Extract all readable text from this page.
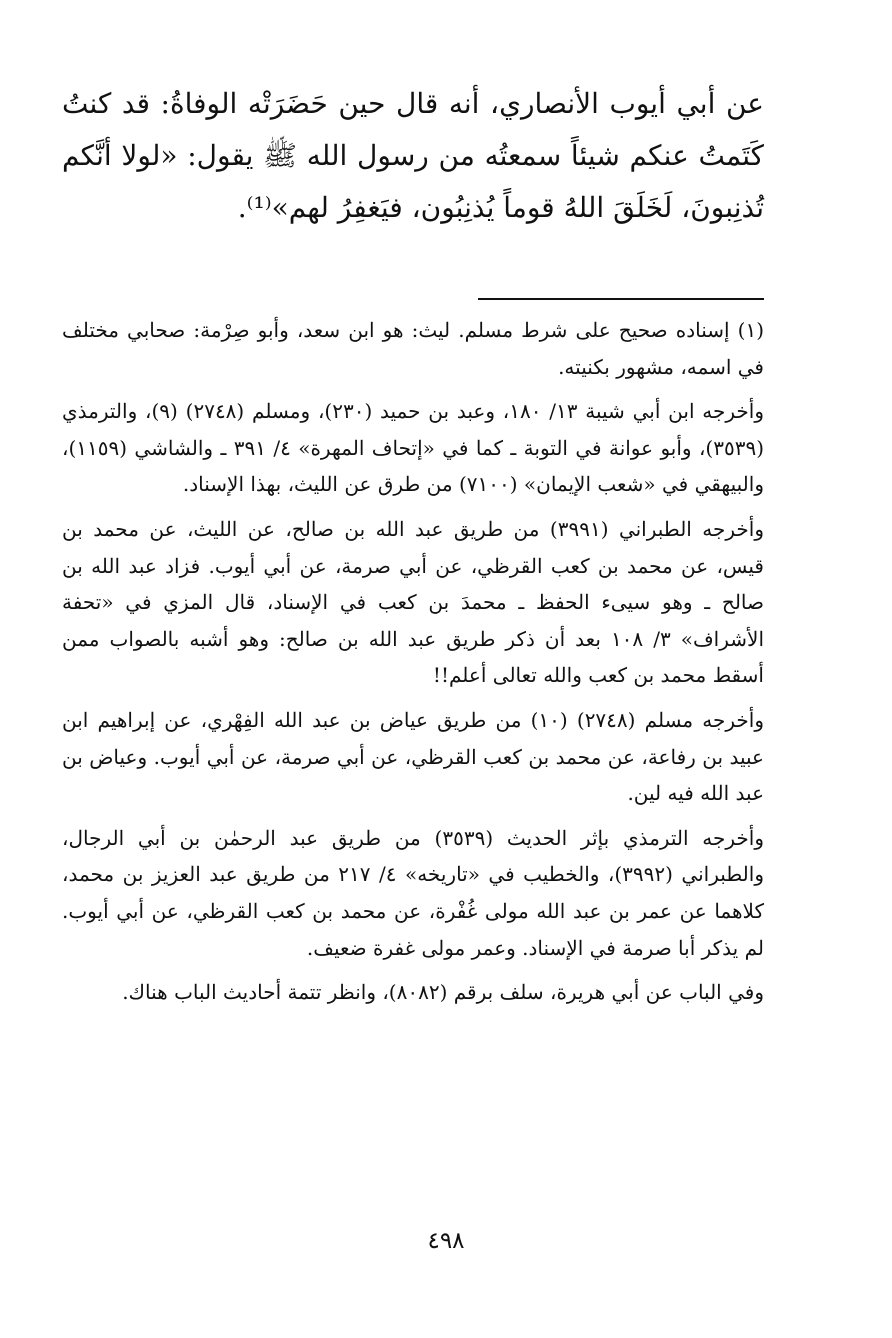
عن أبي أيوب الأنصاري، أنه قال حين حَضَرَتْه الوفاةُ: قد كنتُ كَتَمتُ عنكم شيئاً سمعتُه من رسول الله ﷺ يقول: «لولا أنَّكم تُذنِبونَ، لَخَلَقَ اللهُ قوماً يُذنِبُون، فيَغفِرُ لهم»⁽¹⁾.

(١) إسناده صحيح على شرط مسلم. ليث: هو ابن سعد، وأبو صِرْمة: صحابي مختلف في اسمه، مشهور بكنيته.

وأخرجه ابن أبي شيبة ١٣/ ١٨٠، وعبد بن حميد (٢٣٠)، ومسلم (٢٧٤٨) (٩)، والترمذي (٣٥٣٩)، وأبو عوانة في التوبة ـ كما في «إتحاف المهرة» ٤/ ٣٩١ ـ والشاشي (١١٥٩)، والبيهقي في «شعب الإيمان» (٧١٠٠) من طرق عن الليث، بهذا الإسناد.

وأخرجه الطبراني (٣٩٩١) من طريق عبد الله بن صالح، عن الليث، عن محمد بن قيس، عن محمد بن كعب القرظي، عن أبي صرمة، عن أبي أيوب. فزاد عبد الله بن صالح ـ وهو سيىء الحفظ ـ محمدَ بن كعب في الإسناد، قال المزي في «تحفة الأشراف» ٣/ ١٠٨ بعد أن ذكر طريق عبد الله بن صالح: وهو أشبه بالصواب ممن أسقط محمد بن كعب والله تعالى أعلم!!

وأخرجه مسلم (٢٧٤٨) (١٠) من طريق عياض بن عبد الله الفِهْري، عن إبراهيم ابن عبيد بن رفاعة، عن محمد بن كعب القرظي، عن أبي صرمة، عن أبي أيوب. وعياض بن عبد الله فيه لين.

وأخرجه الترمذي بإثر الحديث (٣٥٣٩) من طريق عبد الرحمٰن بن أبي الرجال، والطبراني (٣٩٩٢)، والخطيب في «تاريخه» ٤/ ٢١٧ من طريق عبد العزيز بن محمد، كلاهما عن عمر بن عبد الله مولى غُفْرة، عن محمد بن كعب القرظي، عن أبي أيوب. لم يذكر أبا صرمة في الإسناد. وعمر مولى غفرة ضعيف.

وفي الباب عن أبي هريرة، سلف برقم (٨٠٨٢)، وانظر تتمة أحاديث الباب هناك.

٤٩٨
